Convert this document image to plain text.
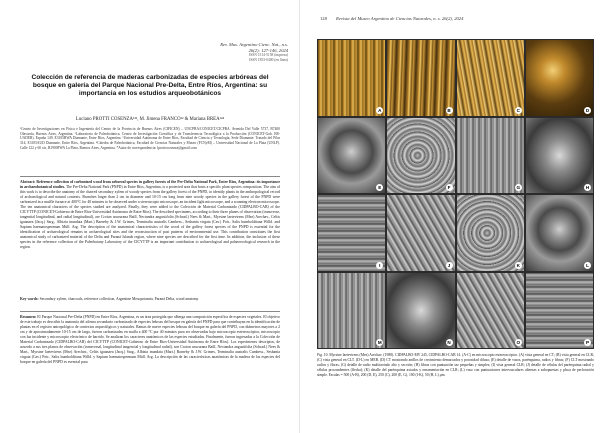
Rev. Mus. Argentino Cienc. Nat., n.s.
26(2): 127-146, 2024
ISSN 1514-5158 (impresa)
ISSN 1853-0400 (en línea)
Colección de referencia de maderas carbonizadas de especies arbóreas del bosque en galería del Parque Nacional Pre-Delta, Entre Ríos, Argentina: su importancia en los estudios arqueobotánicos
Luciano PROTTI COSENZA¹²³, M. Jimena FRANCO¹² & Mariana BREA¹²⁴
¹Centro de Investigaciones en Física e Ingeniería del Centro de la Provincia de Buenos Aires (CIFICEN) – UNCPBA/CONICET/CICPBA. Avenida Del Valle 5737, B7400 Olavarría, Buenos Aires, Argentina. ²Laboratorio de Paleobotánica. Centro de Investigación Científica y de Transferencia Tecnológica a la Producción (CONICET-Gob. ER-UADER). España 149, E3105BWA Diamante, Entre Ríos, Argentina. ³Universidad Autónoma de Entre Ríos, Facultad de Ciencia y Tecnología, Sede Diamante. Tratado del Pilar 314, E3105AUD Diamante, Entre Ríos, Argentina. ⁴Cátedra de Paleobotánica, Facultad de Ciencias Naturales y Museo (FCNyM) – Universidad Nacional de La Plata (UNLP). Calle 122 y 60 s/n, B1900FWA La Plata, Buenos Aires, Argentina. *Autor de correspondencia: lprottocosenza@gmail.com
Abstract: Reference collection of carbonized wood from arboreal species in gallery forests of the Pre-Delta National Park, Entre Ríos, Argentina: its importance in archaeobotanical studies. The Pre-Delta National Park (PNPD) in Entre Ríos, Argentina, is a protected area that hosts a specific plant species composition. The aim of this work is to describe the anatomy of the charred secondary xylem of woody species from the gallery forest of the PNPD, to identify plants in the anthropological record of archaeological and natural contexts. Branches larger than 2 cm in diameter and 10-15 cm long from nine woody species in the gallery forest of the PNPD were carbonized in a muffle furnace at 400°C for 40 minutes to be observed under a stereoscopic microscope, an incident light microscope, and a scanning electron microscope. The ten anatomical characters of the species studied are analyzed. Finally, they were added to the Colección de Material Carbonizado (CIDPALBO-CAB) of the CICYTTP (CONICET-Gobierno de Entre Ríos-Universidad Autónoma de Entre Ríos). The described specimens, according to their three planes of observation (transverse, tangential longitudinal, and radial longitudinal), are Croton urucurana Baill, Nectandra angustifolia (Schrad.) Nees & Mart., Myrsine laetevirens (Mez) Arechav., Celtis iguanaea (Jacq.) Sarg., Albizia inundata (Mart.) Barneby & J.W. Grimes, Terminalia australis Cambess., Sesbania virgata (Cav.) Poir., Salix humboldtiana Willd. and Sapium haematospermum Müll. Arg. The description of the anatomical characteristics of the wood of the gallery forest species of the PNPD is essential for the identification of archaeological remains in archaeological sites and the reconstruction of past patterns of environmental use. This contribution constitutes the first anatomical study of carbonized material of the Delta and Paraná Islands region, where nine species are described for the first time. In addition, the inclusion of these species in the reference collection of the Paleobotany Laboratory of the CICYTTP is an important contribution to archaeological and palaeoecological research in the region.
Key words: Secondary xylem, charcoals, reference collection, Argentine Mesopotamia, Paraná Delta, wood anatomy
Resumen: El Parque Nacional Pre-Delta (PNPD) en Entre Ríos, Argentina, es un área protegida que alberga una composición específica de especies vegetales. El objetivo de este trabajo es describir la anatomía del xilema secundario carbonizado de especies leñosas del bosque en galería del PNPD para que contribuyan en la identificación de plantas en el registro antropológico de contextos arqueológicos y naturales. Ramas de nueve especies leñosas del bosque en galería del PNPD, con diámetros mayores a 2 cm y de aproximadamente 10-15 cm de largo, fueron carbonizadas en mufla a 400 °C por 40 minutos para ser observadas bajo microscopio estereoscópico, microscopio con luz incidente y microscopio electrónico de barrido. Se analizan los caracteres anatómicos de las especies estudiadas. Finalmente, fueron ingresadas a la Colección de Material Carbonizado (CIDPALBO-CAB) del CICYTTP (CONICET-Gobierno de Entre Ríos-Universidad Autónoma de Entre Ríos). Los especímenes descriptos, de acuerdo a sus tres planos de observación (transversal, longitudinal tangencial y longitudinal radial), son Croton urucurana Baill, Nectandra angustifolia (Schrad.) Nees & Mart., Myrsine laetevirens (Mez) Arechav., Celtis iguanaea (Jacq.) Sarg., Albizia inundata (Mart.) Barneby & J.W. Grimes, Terminalia australis Cambess., Sesbania virgata (Cav.) Poir., Salix humboldtiana Willd. y Sapium haematospermum Müll. Arg. La descripción de las características anatómicas de la madera de las especies del bosque en galería del PNPD es esencial para
128 Revista del Museo Argentino de Ciencias Naturales, n. s. 26(2), 2024
A	B	C	D
E	F	G	H
I	J	K	L
M	N	O	P
Fig. 10. Myrsine laetevirens (Mez) Arechav. (1988). CIDPALBO-MV 245, CIDPALBO-CAB 14. (A-C) en microscopio estereoscópico. (A) vista general en CT; (B) vista general en CLR; (C) vista general en CLT. (D-L) en MEB. (D) CT mostrando anillos de crecimiento demarcados y porosidad difusa; (E) detalle de vasos, parénquima, radios y fibras; (F) CLT mostrando radios y fibras; (G) detalle de radio multiseriado alto y sección; (H) fibras con puntuación taz pequeñas y simples; (I) vista general CLR; (J) detalle de células del parénquima radial y células procumbentes (flecha); (K) detalle del parénquima axiados y ornamentación en CLR; (L) vaso con puntuaciones intervasculares alternas a subopuestas y placa de perforación simple. Escalas = 500 (A-B), 200 (D, E), 250 (C), 200 (E, G), 100 (I-K), 50 (H, L) μm.
